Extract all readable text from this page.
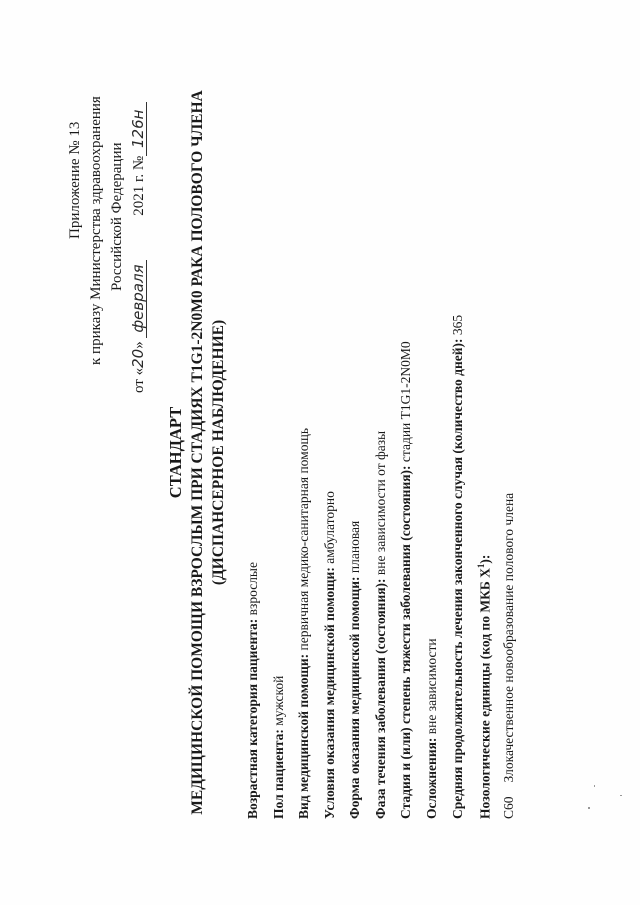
Приложение № 13 к приказу Министерства здравоохранения Российской Федерации
от «20» февраля 2021 г. №126н
СТАНДАРТ МЕДИЦИНСКОЙ ПОМОЩИ ВЗРОСЛЫМ ПРИ СТАДИЯХ T1G1-2N0M0 РАКА ПОЛОВОГО ЧЛЕНА (ДИСПАНСЕРНОЕ НАБЛЮДЕНИЕ)
Возрастная категория пациента: взрослые
Пол пациента: мужской Вид медицинской помощи: первичная медико-санитарная помощь
Условия оказания медицинской помощи: амбулаторно
Форма оказания медицинской помощи: плановая
Фаза течения заболевания (состояния): вне зависимости от фазы Стадия и (или) степень тяжести заболевания (состояния): стадии T1G1-2N0M0
Осложнения: вне зависимости Средняя продолжительность лечения законченного случая (количество дней): 365
Нозологические единицы (код по МКБ $X^1$):
C60Злокачественное новообразование полового члена
